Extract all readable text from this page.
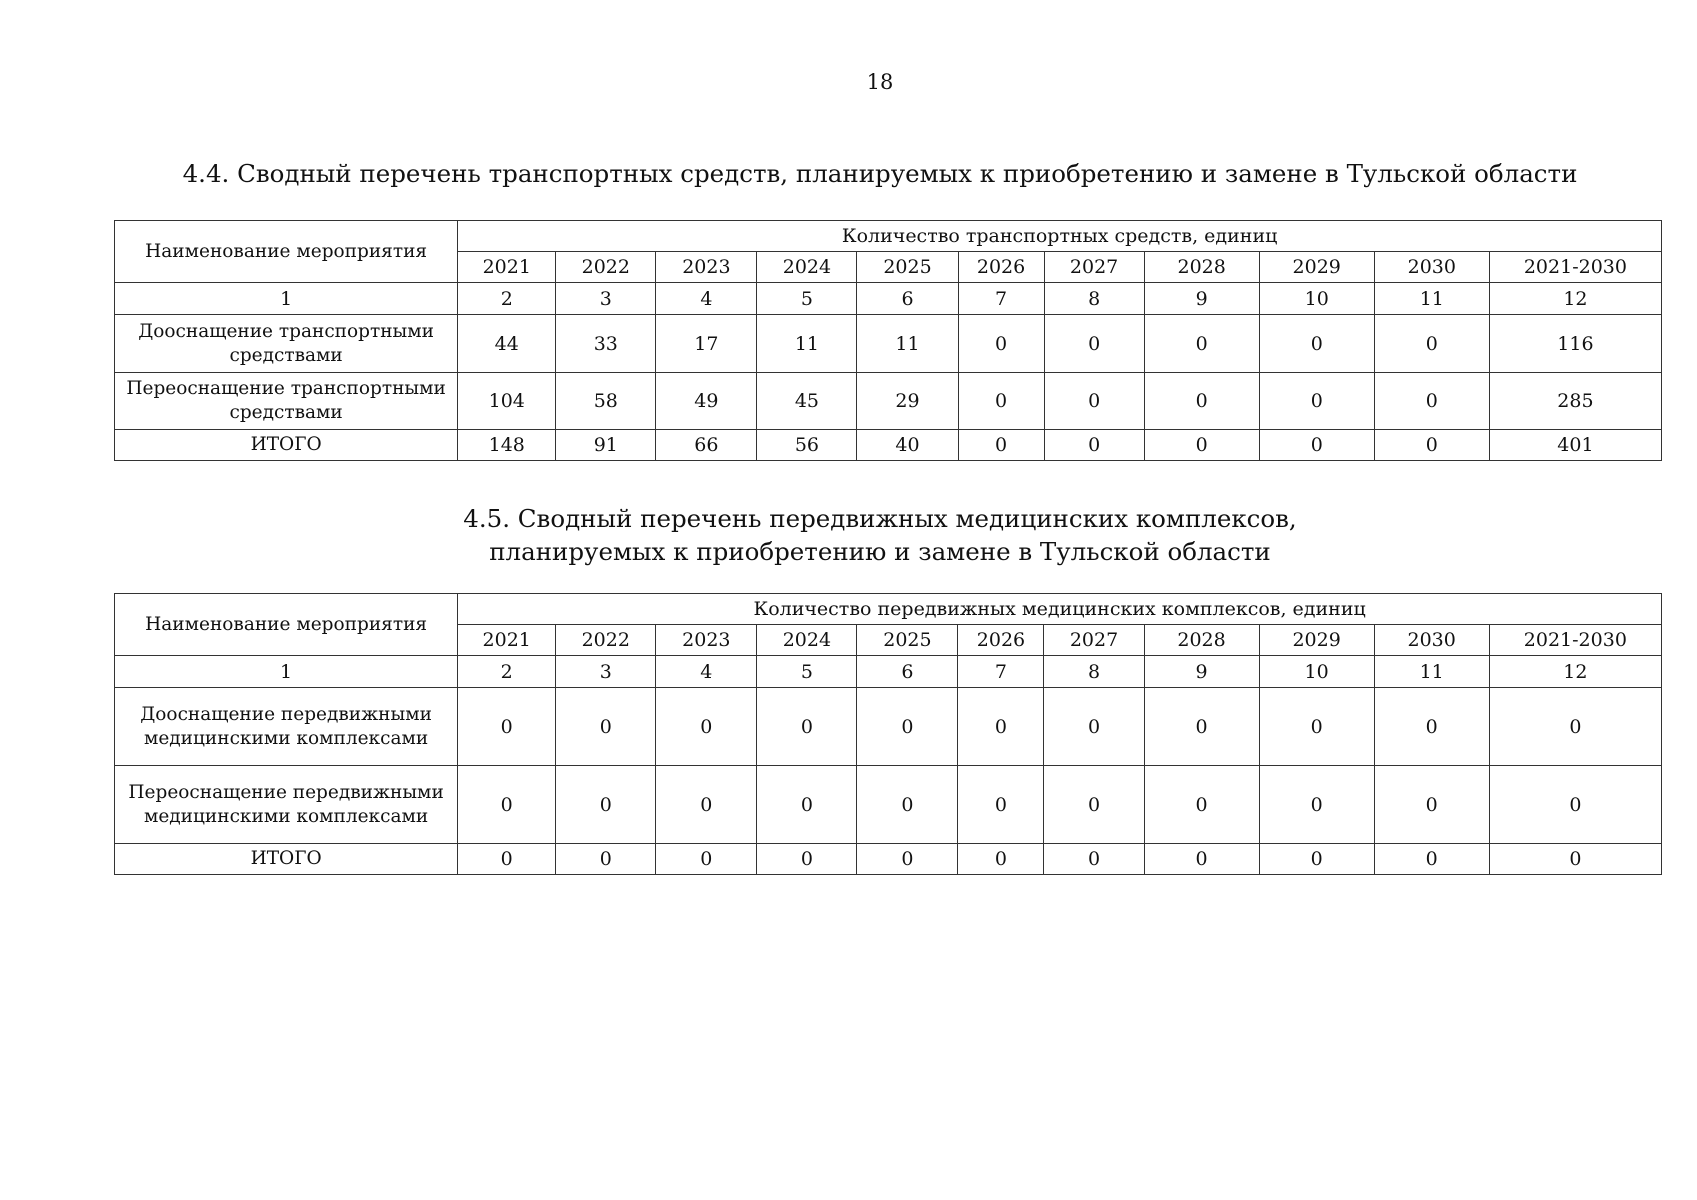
18
4.4. Сводный перечень транспортных средств, планируемых к приобретению и замене в Тульской области
Наименование мероприятия	Количество транспортных средств, единиц										
	2021	2022	2023	2024	2025	2026	2027	2028	2029	2030	2021-2030
1	2	3	4	5	6	7	8	9	10	11	12
Дооснащение транспортными средствами	44	33	17	11	11	0	0	0	0	0	116
Переоснащение транспортными средствами	104	58	49	45	29	0	0	0	0	0	285
ИТОГО	148	91	66	56	40	0	0	0	0	0	401
4.5. Сводный перечень передвижных медицинских комплексов,
планируемых к приобретению и замене в Тульской области
Наименование мероприятия	Количество передвижных медицинских комплексов, единиц										
	2021	2022	2023	2024	2025	2026	2027	2028	2029	2030	2021-2030
1	2	3	4	5	6	7	8	9	10	11	12
Дооснащение передвижными медицинскими комплексами	0	0	0	0	0	0	0	0	0	0	0
Переоснащение передвижными медицинскими комплексами	0	0	0	0	0	0	0	0	0	0	0
ИТОГО	0	0	0	0	0	0	0	0	0	0	0
